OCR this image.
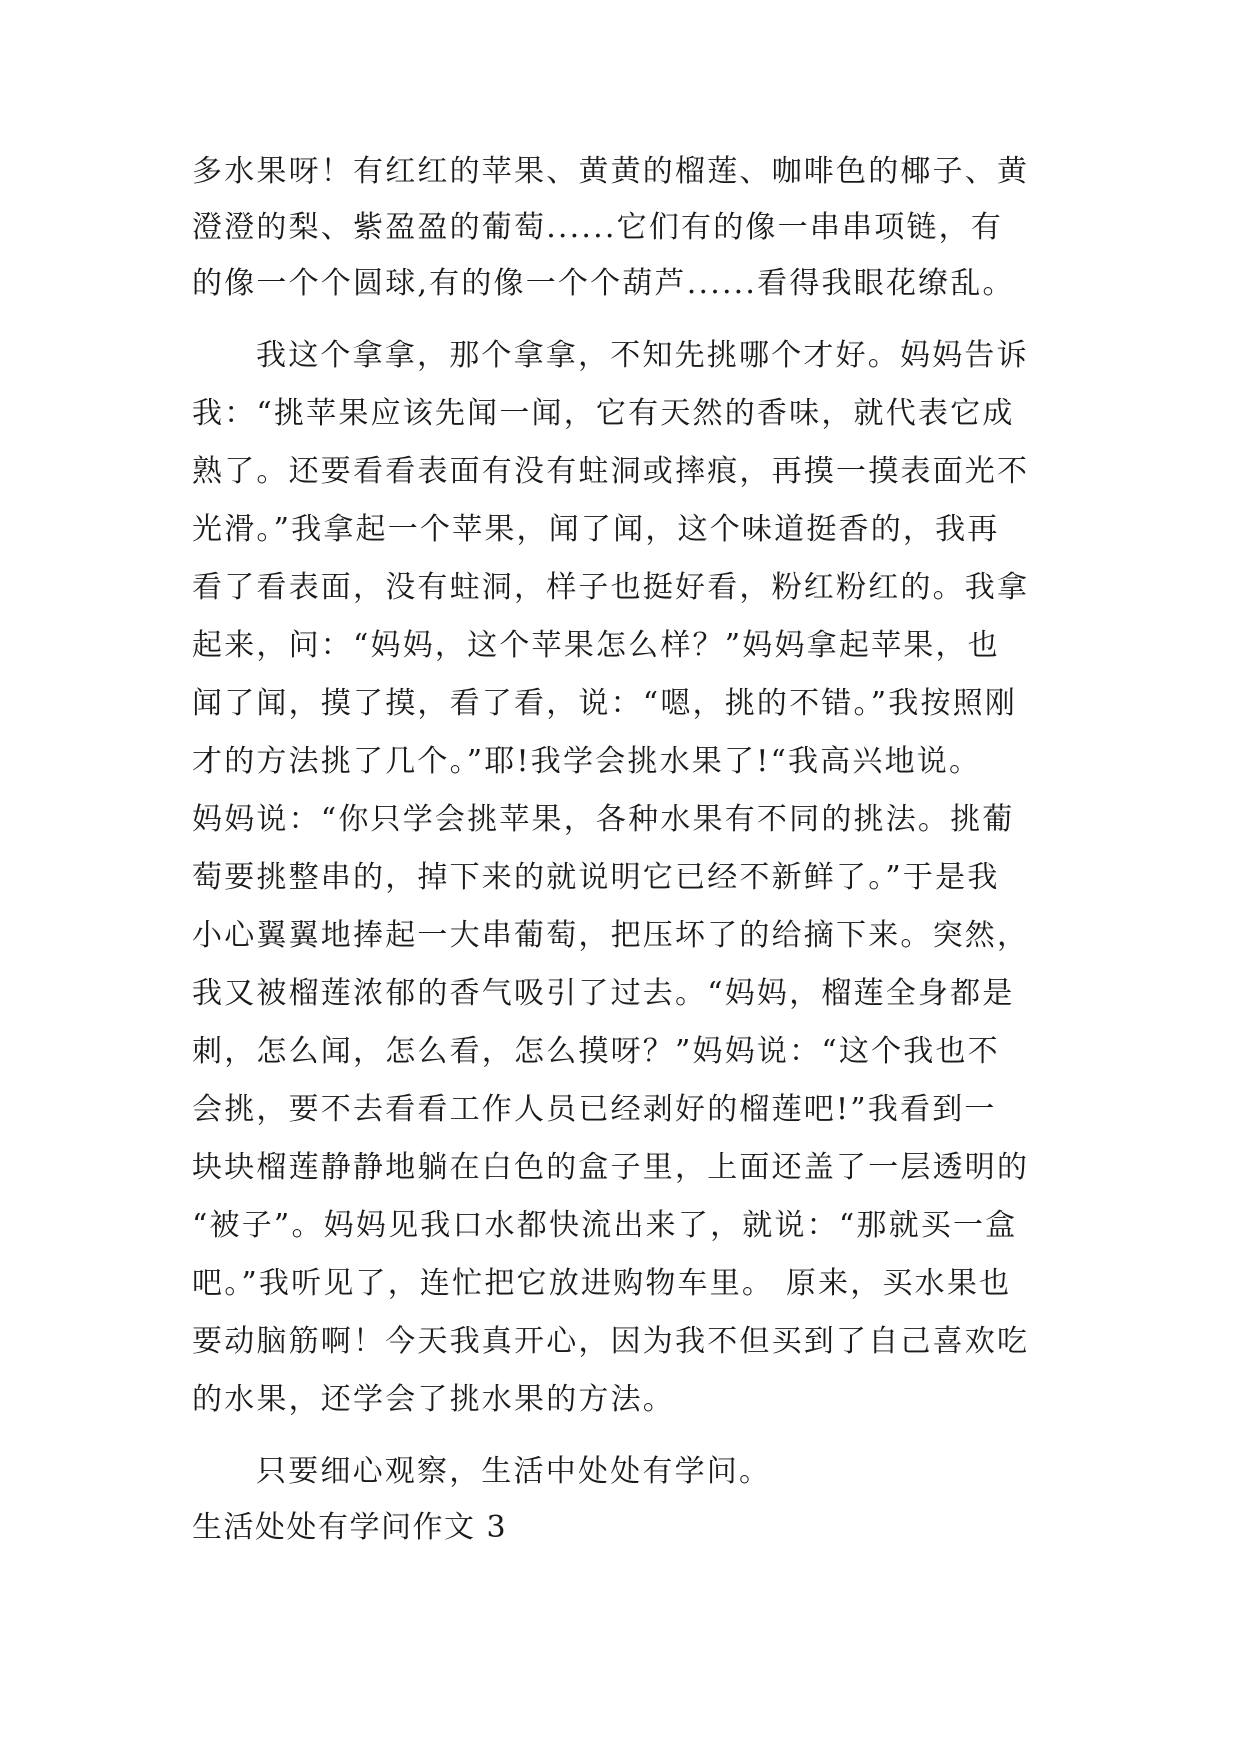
多水果呀！有红红的苹果、黄黄的榴莲、咖啡色的椰子、黄
澄澄的梨、紫盈盈的葡萄......它们有的像一串串项链，有
的像一个个圆球,有的像一个个葫芦......看得我眼花缭乱。
我这个拿拿，那个拿拿，不知先挑哪个才好。妈妈告诉
我：“挑苹果应该先闻一闻，它有天然的香味，就代表它成
熟了。还要看看表面有没有蛀洞或摔痕，再摸一摸表面光不
光滑。”我拿起一个苹果，闻了闻，这个味道挺香的，我再
看了看表面，没有蛀洞，样子也挺好看，粉红粉红的。我拿
起来，问：“妈妈，这个苹果怎么样？”妈妈拿起苹果，也
闻了闻，摸了摸，看了看，说：“嗯，挑的不错。”我按照刚
才的方法挑了几个。”耶!我学会挑水果了!“我高兴地说。
妈妈说：“你只学会挑苹果，各种水果有不同的挑法。挑葡
萄要挑整串的，掉下来的就说明它已经不新鲜了。”于是我
小心翼翼地捧起一大串葡萄，把压坏了的给摘下来。突然，
我又被榴莲浓郁的香气吸引了过去。“妈妈，榴莲全身都是
刺，怎么闻，怎么看，怎么摸呀？”妈妈说：“这个我也不
会挑，要不去看看工作人员已经剥好的榴莲吧!”我看到一
块块榴莲静静地躺在白色的盒子里，上面还盖了一层透明的
“被子”。妈妈见我口水都快流出来了，就说：“那就买一盒
吧。”我听见了，连忙把它放进购物车里。 原来，买水果也
要动脑筋啊！今天我真开心，因为我不但买到了自己喜欢吃
的水果，还学会了挑水果的方法。
只要细心观察，生活中处处有学问。
生活处处有学问作文 3
